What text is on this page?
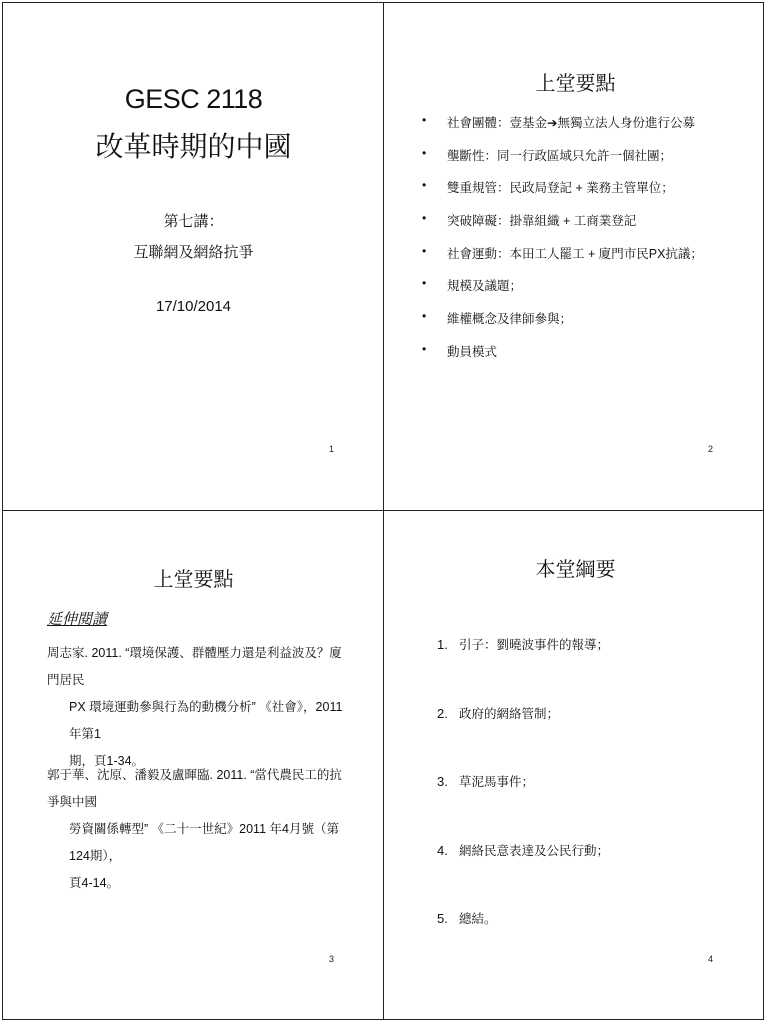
GESC 2118
改革時期的中國
第七講：
互聯網及網絡抗爭
17/10/2014
1
上堂要點
• 社會團體：壹基金➔無獨立法人身份進行公募
• 壟斷性：同一行政區域只允許一個社團；
• 雙重規管：民政局登記 + 業務主管單位；
• 突破障礙：掛靠組織 + 工商業登記
• 社會運動：本田工人罷工 + 廈門市民PX抗議；
• 規模及議題；
• 維權概念及律師參與；
• 動員模式
2
上堂要點
延伸閱讀
周志家. 2011. “環境保護、群體壓力還是利益波及？廈門居民
PX 環境運動參與行為的動機分析” 《社會》，2011年第1
期，頁1-34。
郭于華、沈原、潘毅及盧暉臨. 2011. “當代農民工的抗爭與中國
勞資關係轉型” 《二十一世紀》2011 年4月號（第124期），
頁4-14。
3
本堂綱要
1. 引子：劉曉波事件的報導；
2. 政府的網絡管制；
3. 草泥馬事件；
4. 網絡民意表達及公民行動；
5. 總結。
4
